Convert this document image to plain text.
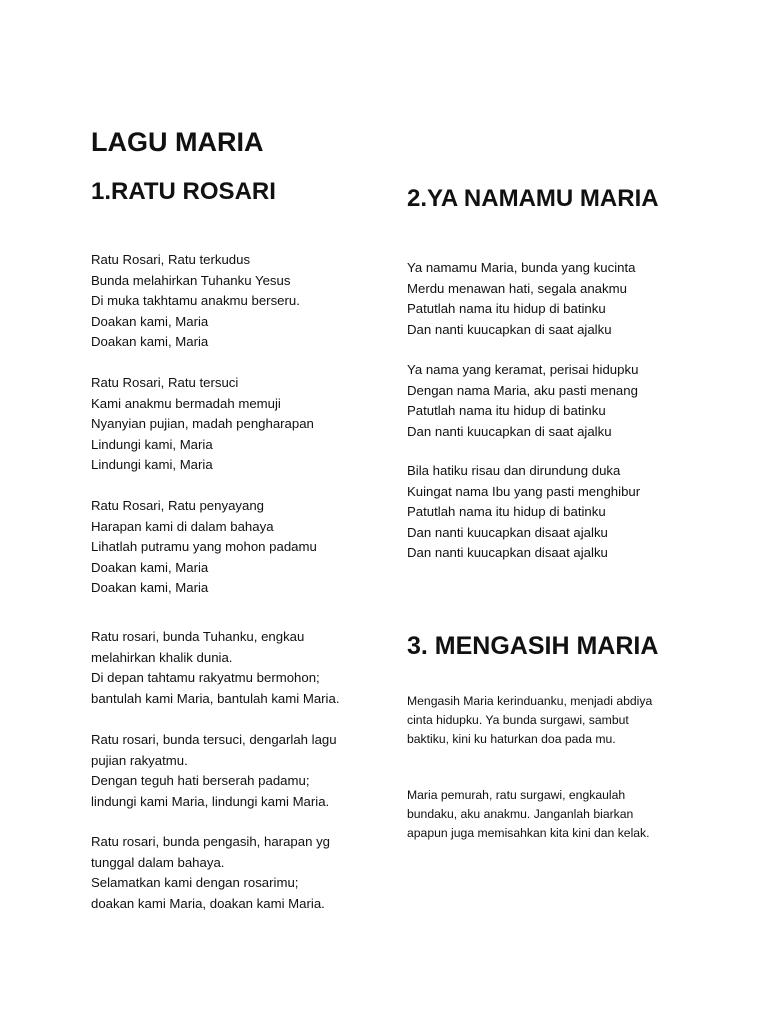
LAGU MARIA
1.RATU ROSARI

Ratu Rosari, Ratu terkudus
Bunda melahirkan Tuhanku Yesus
Di muka takhtamu anakmu berseru.
Doakan kami, Maria
Doakan kami, Maria

Ratu Rosari, Ratu tersuci
Kami anakmu bermadah memuji
Nyanyian pujian, madah pengharapan
Lindungi kami, Maria
Lindungi kami, Maria

Ratu Rosari, Ratu penyayang
Harapan kami di dalam bahaya
Lihatlah putramu yang mohon padamu
Doakan kami, Maria
Doakan kami, Maria

Ratu rosari, bunda Tuhanku, engkau
melahirkan khalik dunia.
Di depan tahtamu rakyatmu bermohon;
bantulah kami Maria, bantulah kami Maria.

Ratu rosari, bunda tersuci, dengarlah lagu
pujian rakyatmu.
Dengan teguh hati berserah padamu;
lindungi kami Maria, lindungi kami Maria.

Ratu rosari, bunda pengasih, harapan yg
tunggal dalam bahaya.
Selamatkan kami dengan rosarimu;
doakan kami Maria, doakan kami Maria.

2.YA NAMAMU MARIA

Ya namamu Maria, bunda yang kucinta
Merdu menawan hati, segala anakmu
Patutlah nama itu hidup di batinku
Dan nanti kuucapkan di saat ajalku

Ya nama yang keramat, perisai hidupku
Dengan nama Maria, aku pasti menang
Patutlah nama itu hidup di batinku
Dan nanti kuucapkan di saat ajalku

Bila hatiku risau dan dirundung duka
Kuingat nama Ibu yang pasti menghibur
Patutlah nama itu hidup di batinku
Dan nanti kuucapkan disaat ajalku
Dan nanti kuucapkan disaat ajalku

3. MENGASIH MARIA

Mengasih Maria kerinduanku, menjadi abdiya
cinta hidupku. Ya bunda surgawi, sambut
baktiku, kini ku haturkan doa pada mu.

Maria pemurah, ratu surgawi, engkaulah
bundaku, aku anakmu. Janganlah biarkan
apapun juga memisahkan kita kini dan kelak.
